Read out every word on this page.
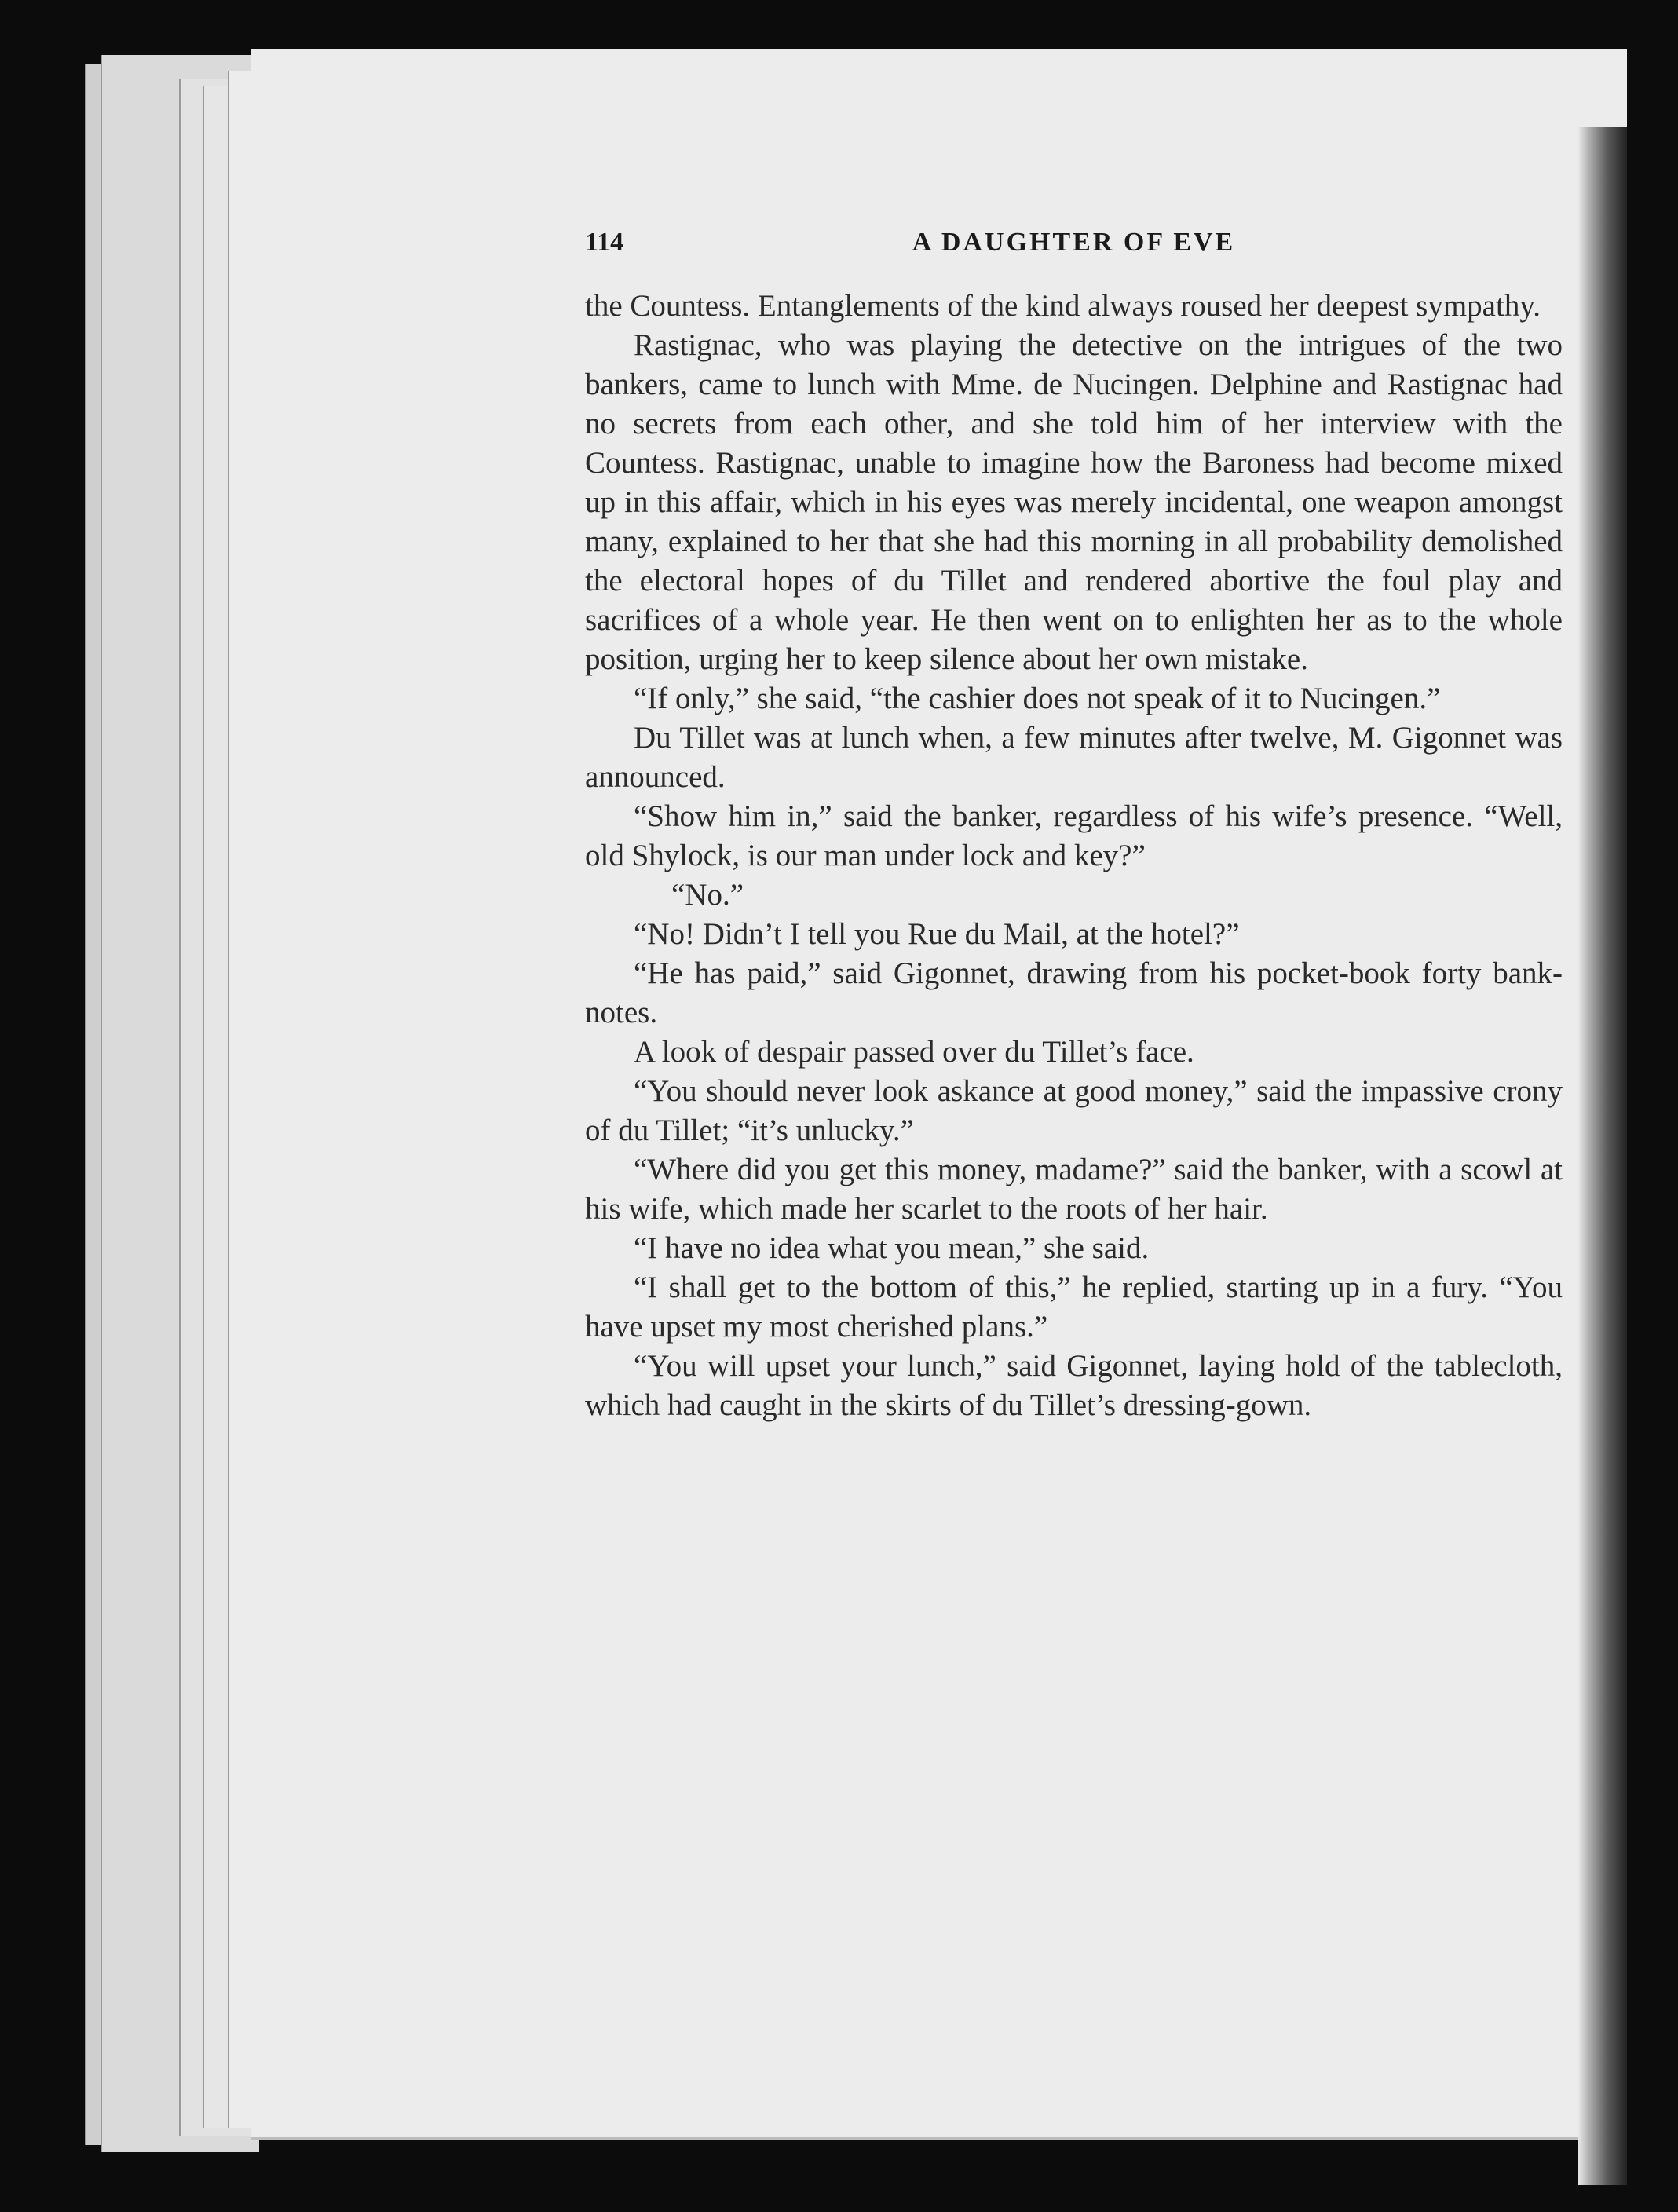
114	A DAUGHTER OF EVE

the Countess. Entanglements of the kind always roused her deepest sympathy.

Rastignac, who was playing the detective on the intrigues of the two bankers, came to lunch with Mme. de Nucingen. Delphine and Rastignac had no secrets from each other, and she told him of her interview with the Countess. Rastignac, unable to imagine how the Baroness had become mixed up in this affair, which in his eyes was merely incidental, one weapon amongst many, explained to her that she had this morning in all probability demolished the electoral hopes of du Tillet and rendered abortive the foul play and sacrifices of a whole year. He then went on to enlighten her as to the whole position, urging her to keep silence about her own mistake.

“If only,” she said, “the cashier does not speak of it to Nucingen.”

Du Tillet was at lunch when, a few minutes after twelve, M. Gigonnet was announced.

“Show him in,” said the banker, regardless of his wife’s presence. “Well, old Shylock, is our man under lock and key?”

“No.”

“No! Didn’t I tell you Rue du Mail, at the hotel?”

“He has paid,” said Gigonnet, drawing from his pocket-book forty bank-notes.

A look of despair passed over du Tillet’s face.

“You should never look askance at good money,” said the impassive crony of du Tillet; “it’s unlucky.”

“Where did you get this money, madame?” said the banker, with a scowl at his wife, which made her scarlet to the roots of her hair.

“I have no idea what you mean,” she said.

“I shall get to the bottom of this,” he replied, starting up in a fury. “You have upset my most cherished plans.”

“You will upset your lunch,” said Gigonnet, laying hold of the tablecloth, which had caught in the skirts of du Tillet’s dressing-gown.
